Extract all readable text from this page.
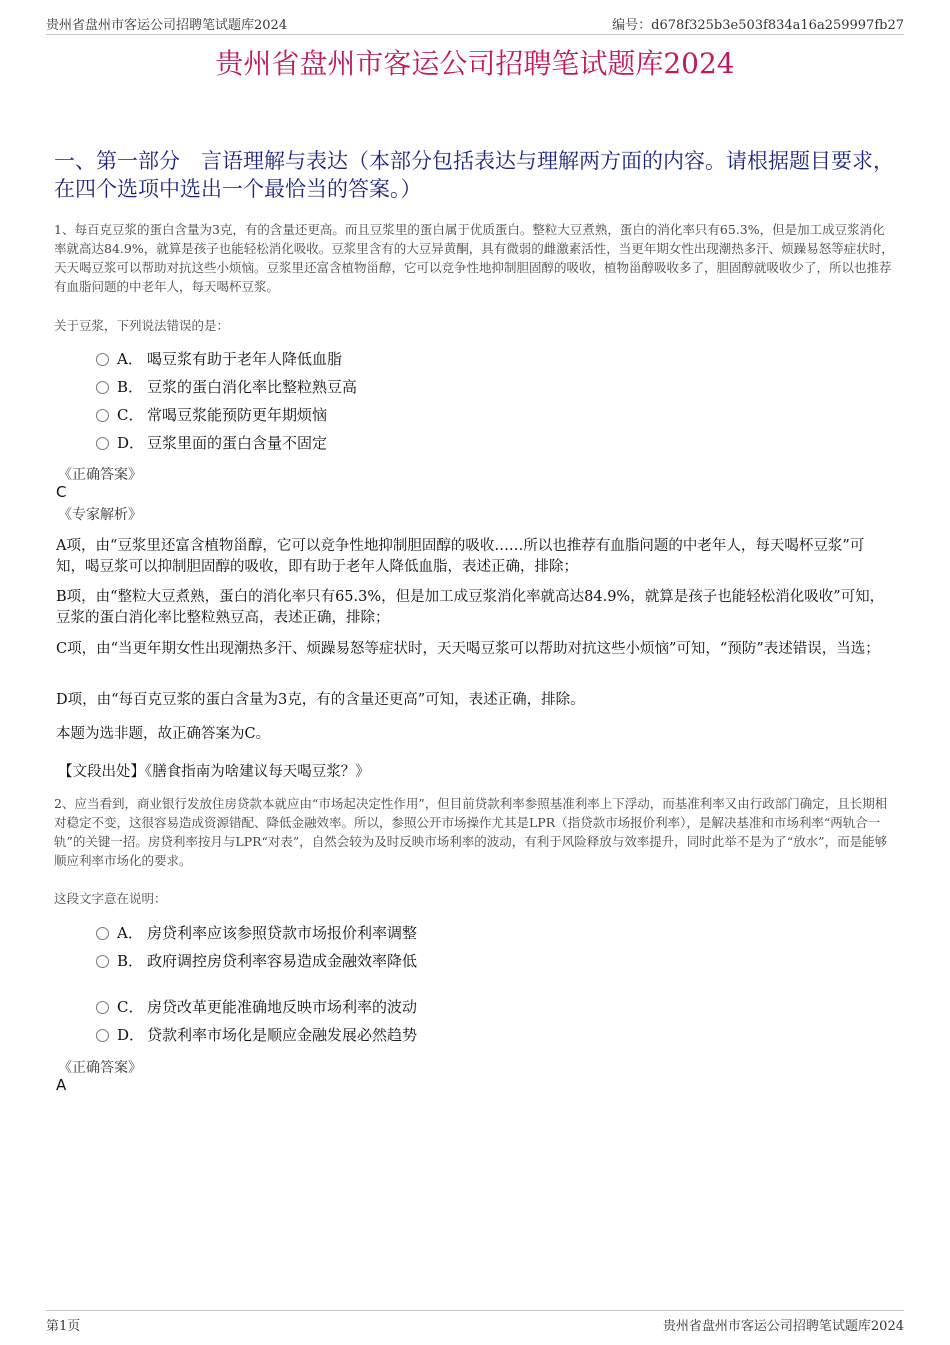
贵州省盘州市客运公司招聘笔试题库2024	编号：d678f325b3e503f834a16a259997fb27
贵州省盘州市客运公司招聘笔试题库2024
一、第一部分　言语理解与表达（本部分包括表达与理解两方面的内容。请根据题目要求，在四个选项中选出一个最恰当的答案。）
1、每百克豆浆的蛋白含量为3克，有的含量还更高。而且豆浆里的蛋白属于优质蛋白。整粒大豆煮熟，蛋白的消化率只有65.3%，但是加工成豆浆消化率就高达84.9%，就算是孩子也能轻松消化吸收。豆浆里含有的大豆异黄酮，具有微弱的雌激素活性，当更年期女性出现潮热多汗、烦躁易怒等症状时，天天喝豆浆可以帮助对抗这些小烦恼。豆浆里还富含植物甾醇，它可以竞争性地抑制胆固醇的吸收，植物甾醇吸收多了，胆固醇就吸收少了，所以也推荐有血脂问题的中老年人，每天喝杯豆浆。
关于豆浆，下列说法错误的是：
A． 喝豆浆有助于老年人降低血脂
B． 豆浆的蛋白消化率比整粒熟豆高
C． 常喝豆浆能预防更年期烦恼
D． 豆浆里面的蛋白含量不固定
《正确答案》
C
《专家解析》
A项，由“豆浆里还富含植物甾醇，它可以竞争性地抑制胆固醇的吸收……所以也推荐有血脂问题的中老年人，每天喝杯豆浆”可知，喝豆浆可以抑制胆固醇的吸收，即有助于老年人降低血脂，表述正确，排除；
B项，由“整粒大豆煮熟，蛋白的消化率只有65.3%，但是加工成豆浆消化率就高达84.9%，就算是孩子也能轻松消化吸收”可知，豆浆的蛋白消化率比整粒熟豆高，表述正确，排除；
C项，由“当更年期女性出现潮热多汗、烦躁易怒等症状时，天天喝豆浆可以帮助对抗这些小烦恼”可知，“预防”表述错误，当选；
D项，由“每百克豆浆的蛋白含量为3克，有的含量还更高”可知，表述正确，排除。
本题为选非题，故正确答案为C。
【文段出处】《膳食指南为啥建议每天喝豆浆？》
2、应当看到，商业银行发放住房贷款本就应由“市场起决定性作用”，但目前贷款利率参照基准利率上下浮动，而基准利率又由行政部门确定，且长期相对稳定不变，这很容易造成资源错配、降低金融效率。所以，参照公开市场操作尤其是LPR（指贷款市场报价利率），是解决基准和市场利率“两轨合一轨”的关键一招。房贷利率按月与LPR“对表”，自然会较为及时反映市场利率的波动，有利于风险释放与效率提升，同时此举不是为了“放水”，而是能够顺应利率市场化的要求。
这段文字意在说明：
A． 房贷利率应该参照贷款市场报价利率调整
B． 政府调控房贷利率容易造成金融效率降低
C． 房贷改革更能准确地反映市场利率的波动
D． 贷款利率市场化是顺应金融发展必然趋势
《正确答案》
A
第1页	贵州省盘州市客运公司招聘笔试题库2024
